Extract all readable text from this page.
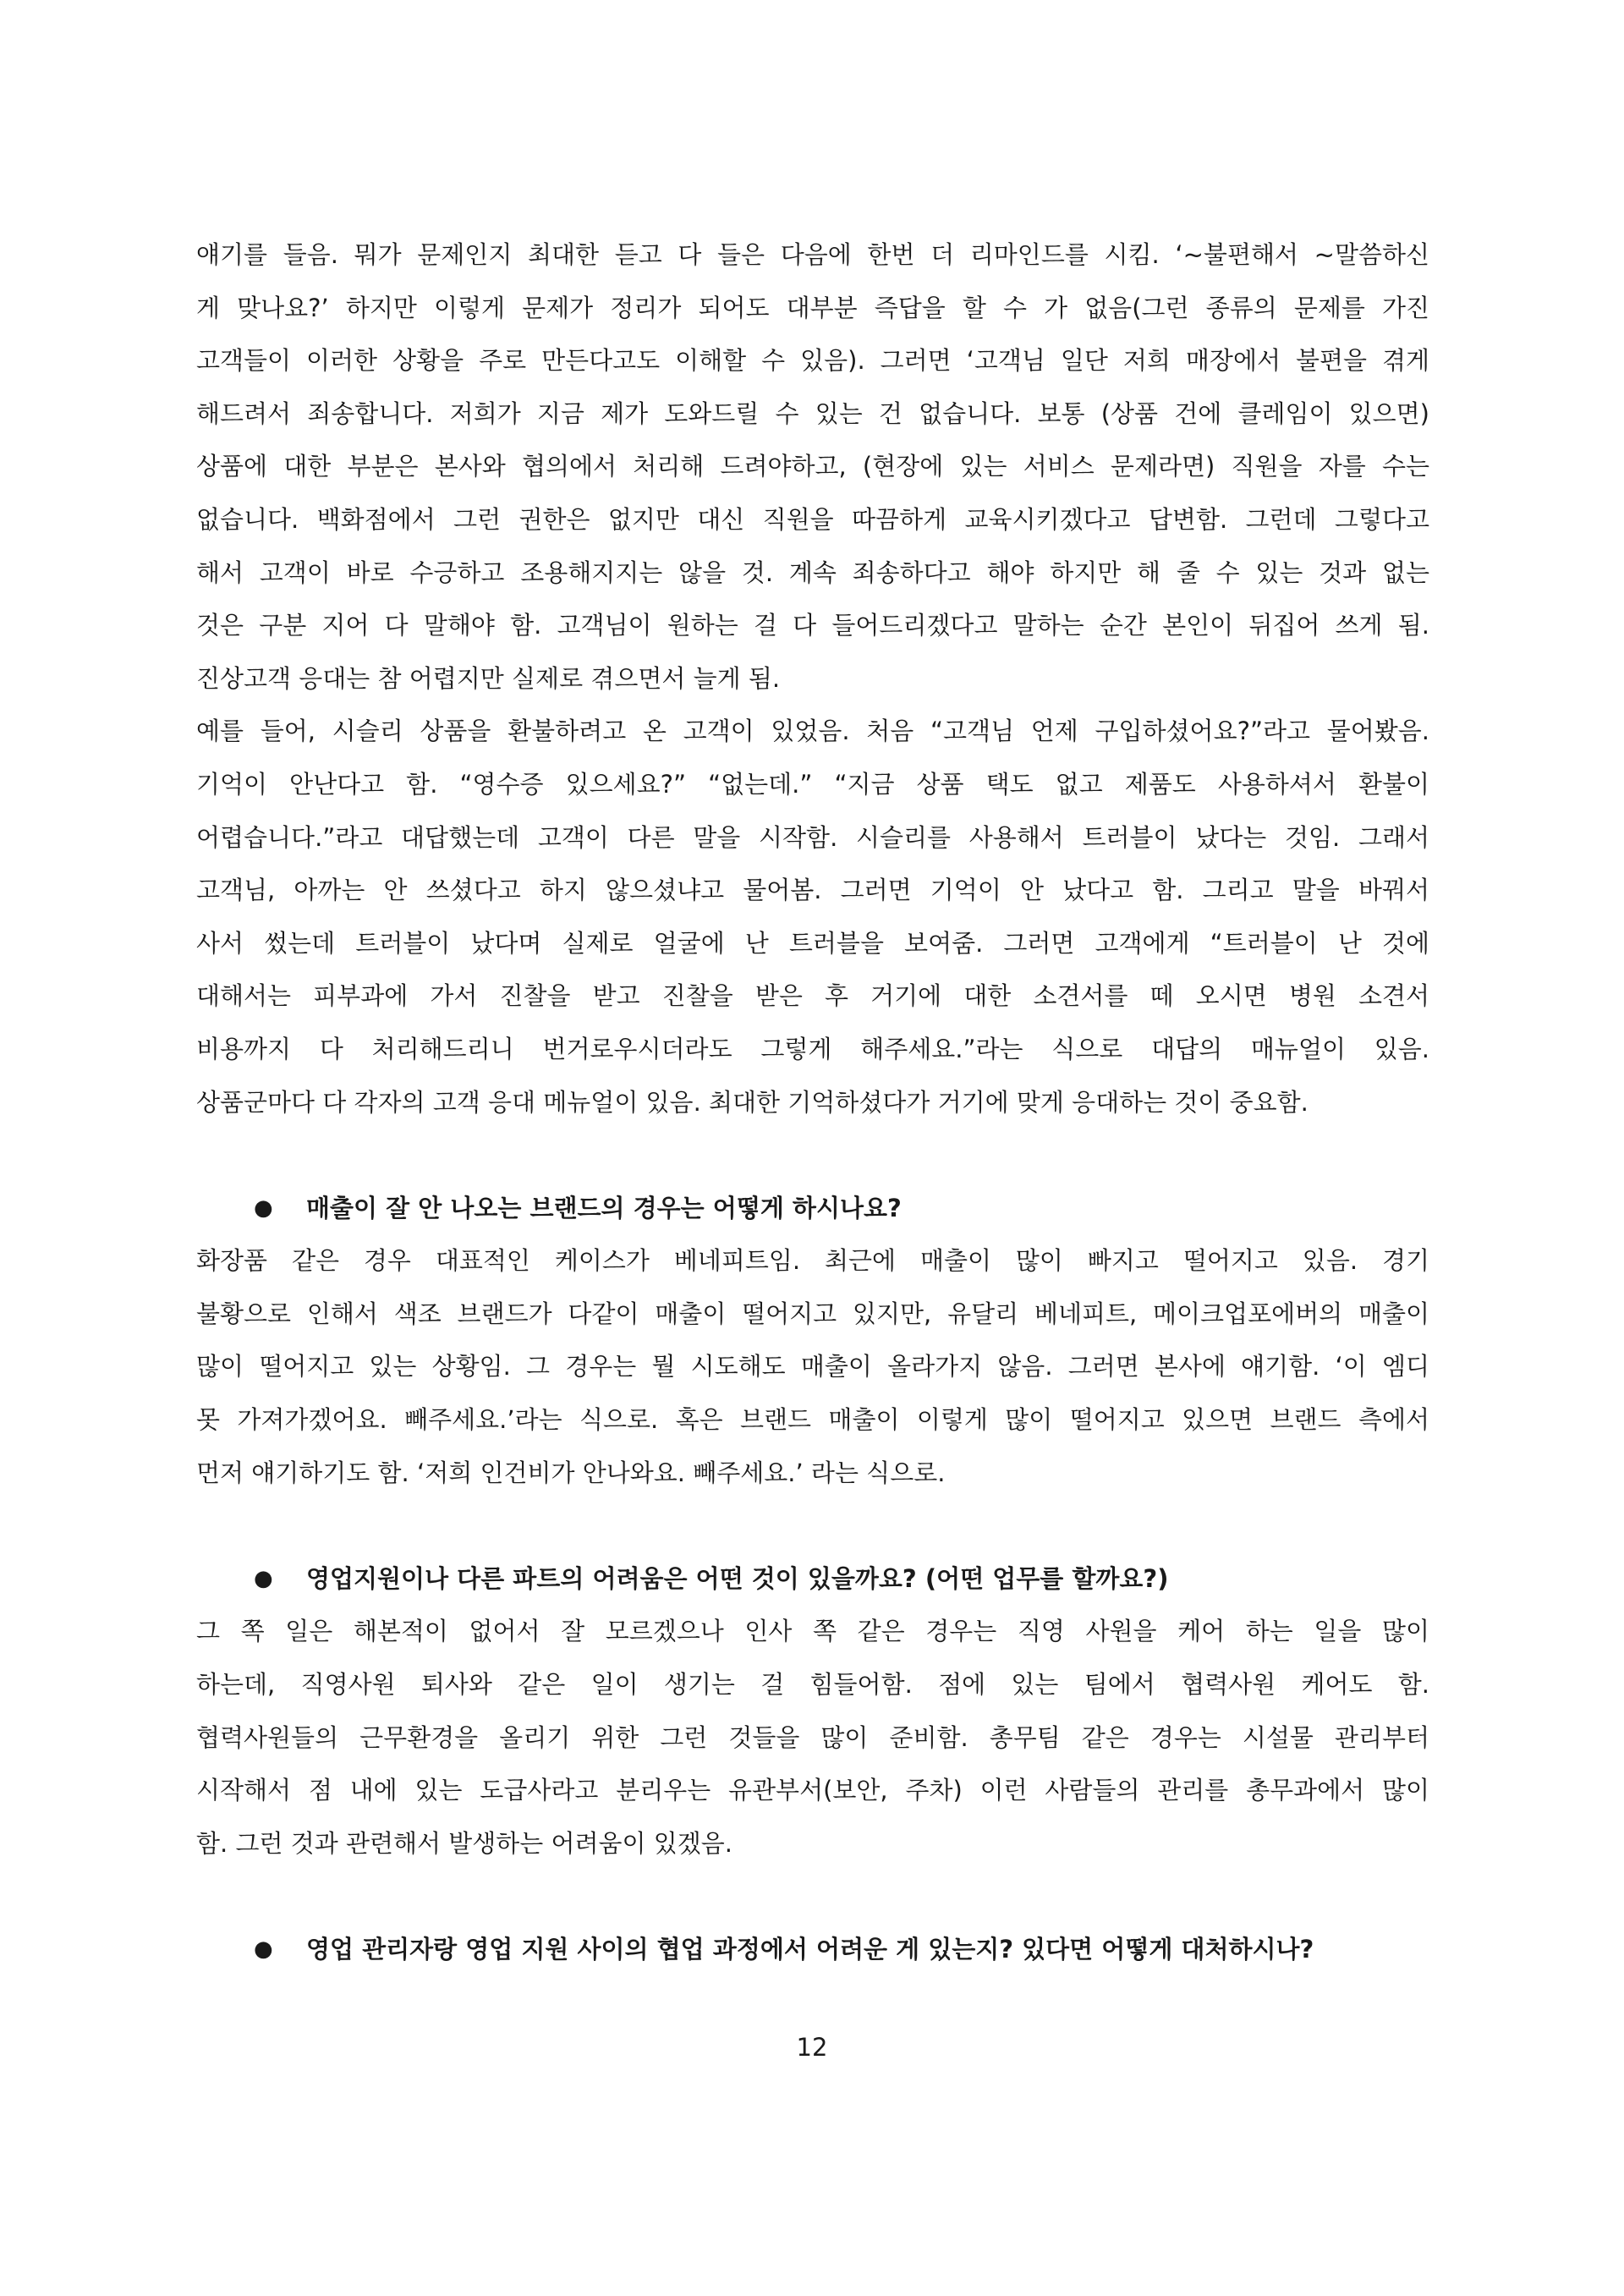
얘기를 들음. 뭐가 문제인지 최대한 듣고 다 들은 다음에 한번 더 리마인드를 시킴. ‘~불편해서 ~말씀하신
게 맞나요?’ 하지만 이렇게 문제가 정리가 되어도 대부분 즉답을 할 수 가 없음(그런 종류의 문제를 가진
고객들이 이러한 상황을 주로 만든다고도 이해할 수 있음). 그러면 ‘고객님 일단 저희 매장에서 불편을 겪게
해드려서 죄송합니다. 저희가 지금 제가 도와드릴 수 있는 건 없습니다. 보통 (상품 건에 클레임이 있으면)
상품에 대한 부분은 본사와 협의에서 처리해 드려야하고, (현장에 있는 서비스 문제라면) 직원을 자를 수는
없습니다. 백화점에서 그런 권한은 없지만 대신 직원을 따끔하게 교육시키겠다고 답변함. 그런데 그렇다고
해서 고객이 바로 수긍하고 조용해지지는 않을 것. 계속 죄송하다고 해야 하지만 해 줄 수 있는 것과 없는
것은 구분 지어 다 말해야 함. 고객님이 원하는 걸 다 들어드리겠다고 말하는 순간 본인이 뒤집어 쓰게 됨.
진상고객 응대는 참 어렵지만 실제로 겪으면서 늘게 됨.
예를 들어, 시슬리 상품을 환불하려고 온 고객이 있었음. 처음 “고객님 언제 구입하셨어요?”라고 물어봤음.
기억이 안난다고 함. “영수증 있으세요?” “없는데.” “지금 상품 택도 없고 제품도 사용하셔서 환불이
어렵습니다.”라고 대답했는데 고객이 다른 말을 시작함. 시슬리를 사용해서 트러블이 났다는 것임. 그래서
고객님, 아까는 안 쓰셨다고 하지 않으셨냐고 물어봄. 그러면 기억이 안 났다고 함. 그리고 말을 바꿔서
사서 썼는데 트러블이 났다며 실제로 얼굴에 난 트러블을 보여줌. 그러면 고객에게 “트러블이 난 것에
대해서는 피부과에 가서 진찰을 받고 진찰을 받은 후 거기에 대한 소견서를 떼 오시면 병원 소견서
비용까지 다 처리해드리니 번거로우시더라도 그렇게 해주세요.”라는 식으로 대답의 매뉴얼이 있음.
상품군마다 다 각자의 고객 응대 메뉴얼이 있음. 최대한 기억하셨다가 거기에 맞게 응대하는 것이 중요함.
● 매출이 잘 안 나오는 브랜드의 경우는 어떻게 하시나요?
화장품 같은 경우 대표적인 케이스가 베네피트임. 최근에 매출이 많이 빠지고 떨어지고 있음. 경기
불황으로 인해서 색조 브랜드가 다같이 매출이 떨어지고 있지만, 유달리 베네피트, 메이크업포에버의 매출이
많이 떨어지고 있는 상황임. 그 경우는 뭘 시도해도 매출이 올라가지 않음. 그러면 본사에 얘기함. ‘이 엠디
못 가져가겠어요. 빼주세요.’라는 식으로. 혹은 브랜드 매출이 이렇게 많이 떨어지고 있으면 브랜드 측에서
먼저 얘기하기도 함. ‘저희 인건비가 안나와요. 빼주세요.’ 라는 식으로.
● 영업지원이나 다른 파트의 어려움은 어떤 것이 있을까요? (어떤 업무를 할까요?)
그 쪽 일은 해본적이 없어서 잘 모르겠으나 인사 쪽 같은 경우는 직영 사원을 케어 하는 일을 많이
하는데, 직영사원 퇴사와 같은 일이 생기는 걸 힘들어함. 점에 있는 팀에서 협력사원 케어도 함.
협력사원들의 근무환경을 올리기 위한 그런 것들을 많이 준비함. 총무팀 같은 경우는 시설물 관리부터
시작해서 점 내에 있는 도급사라고 분리우는 유관부서(보안, 주차) 이런 사람들의 관리를 총무과에서 많이
함. 그런 것과 관련해서 발생하는 어려움이 있겠음.
● 영업 관리자랑 영업 지원 사이의 협업 과정에서 어려운 게 있는지? 있다면 어떻게 대처하시나?
12
